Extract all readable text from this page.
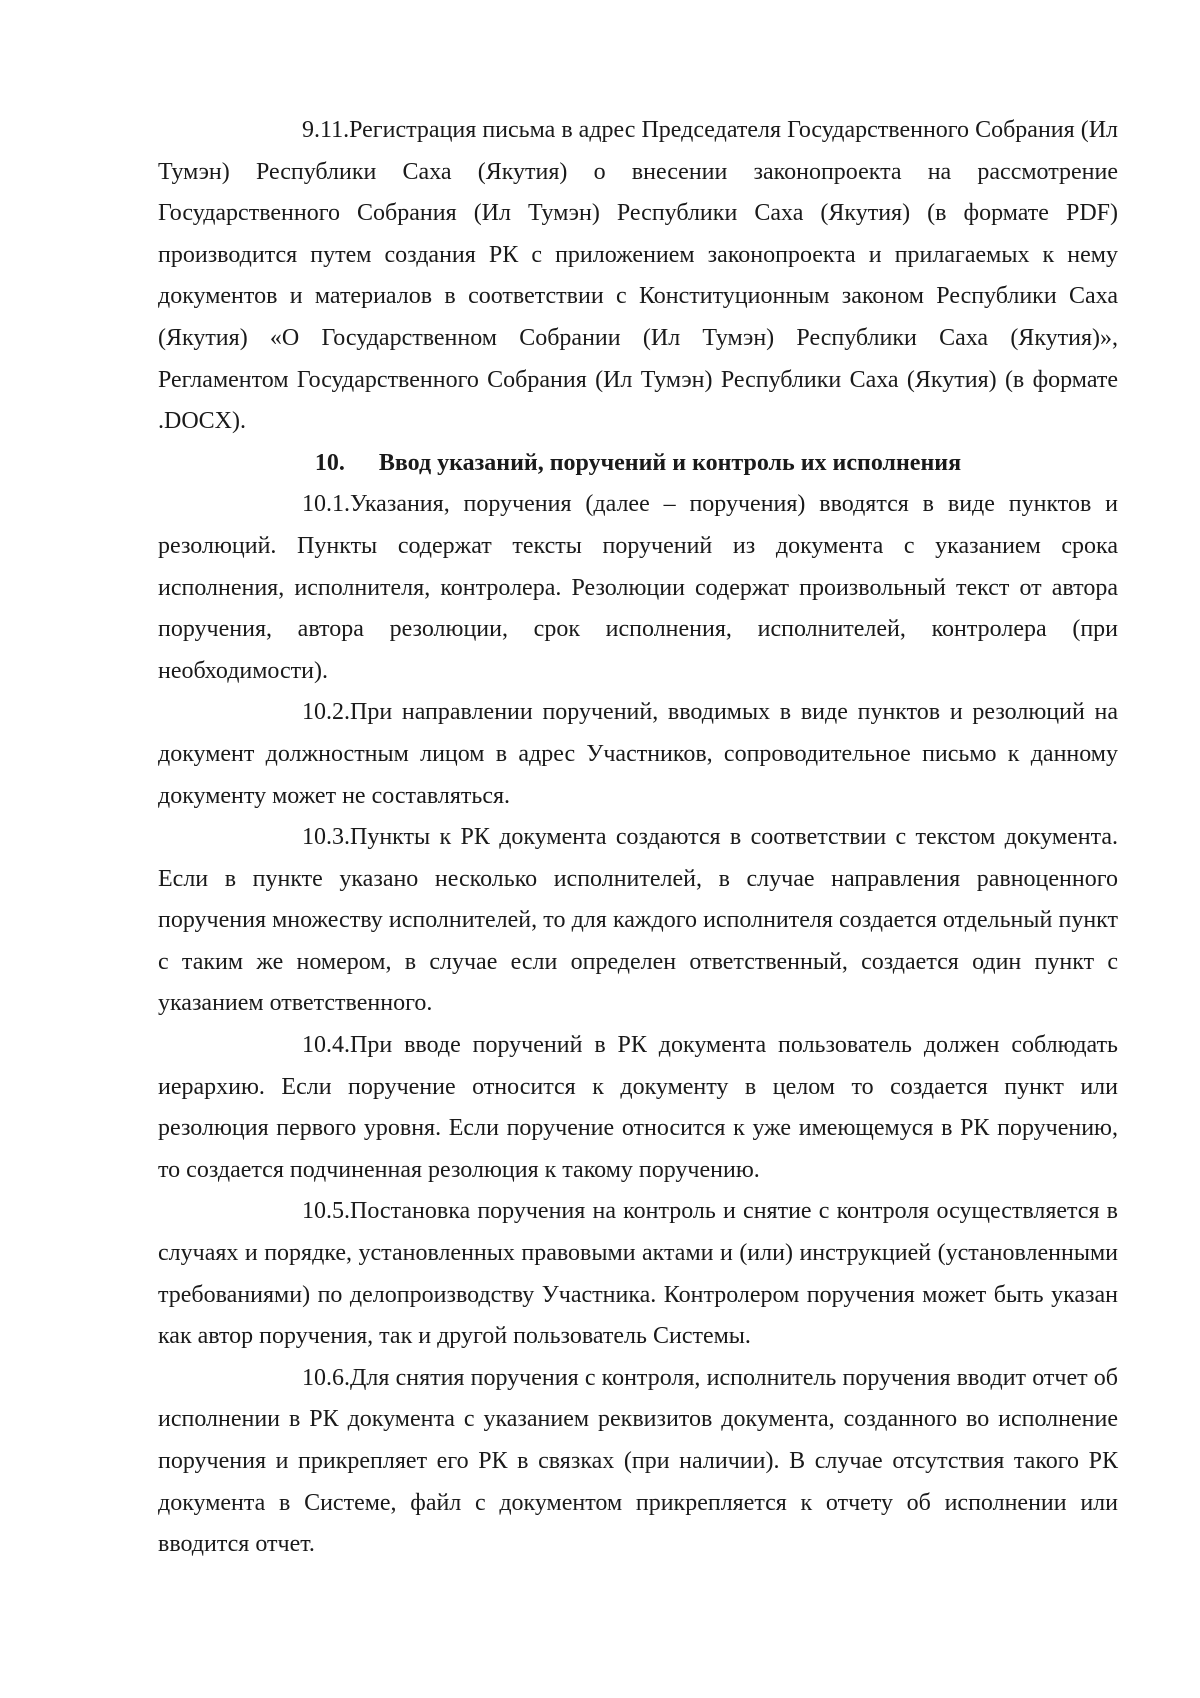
9.11.Регистрация письма в адрес Председателя Государственного Собрания (Ил Тумэн) Республики Саха (Якутия) о внесении законопроекта на рассмотрение Государственного Собрания (Ил Тумэн) Республики Саха (Якутия) (в формате PDF) производится путем создания РК с приложением законопроекта и прилагаемых к нему документов и материалов в соответствии с Конституционным законом Республики Саха (Якутия) «О Государственном Собрании (Ил Тумэн) Республики Саха (Якутия)», Регламентом Государственного Собрания (Ил Тумэн) Республики Саха (Якутия) (в формате .DOCX).

10. Ввод указаний, поручений и контроль их исполнения

10.1.Указания, поручения (далее – поручения) вводятся в виде пунктов и резолюций. Пункты содержат тексты поручений из документа с указанием срока исполнения, исполнителя, контролера. Резолюции содержат произвольный текст от автора поручения, автора резолюции, срок исполнения, исполнителей, контролера (при необходимости).

10.2.При направлении поручений, вводимых в виде пунктов и резолюций на документ должностным лицом в адрес Участников, сопроводительное письмо к данному документу может не составляться.

10.3.Пункты к РК документа создаются в соответствии с текстом документа. Если в пункте указано несколько исполнителей, в случае направления равноценного поручения множеству исполнителей, то для каждого исполнителя создается отдельный пункт с таким же номером, в случае если определен ответственный, создается один пункт с указанием ответственного.

10.4.При вводе поручений в РК документа пользователь должен соблюдать иерархию. Если поручение относится к документу в целом то создается пункт или резолюция первого уровня. Если поручение относится к уже имеющемуся в РК поручению, то создается подчиненная резолюция к такому поручению.

10.5.Постановка поручения на контроль и снятие с контроля осуществляется в случаях и порядке, установленных правовыми актами и (или) инструкцией (установленными требованиями) по делопроизводству Участника. Контролером поручения может быть указан как автор поручения, так и другой пользователь Системы.

10.6.Для снятия поручения с контроля, исполнитель поручения вводит отчет об исполнении в РК документа с указанием реквизитов документа, созданного во исполнение поручения и прикрепляет его РК в связках (при наличии). В случае отсутствия такого РК документа в Системе, файл с документом прикрепляется к отчету об исполнении или вводится отчет.
